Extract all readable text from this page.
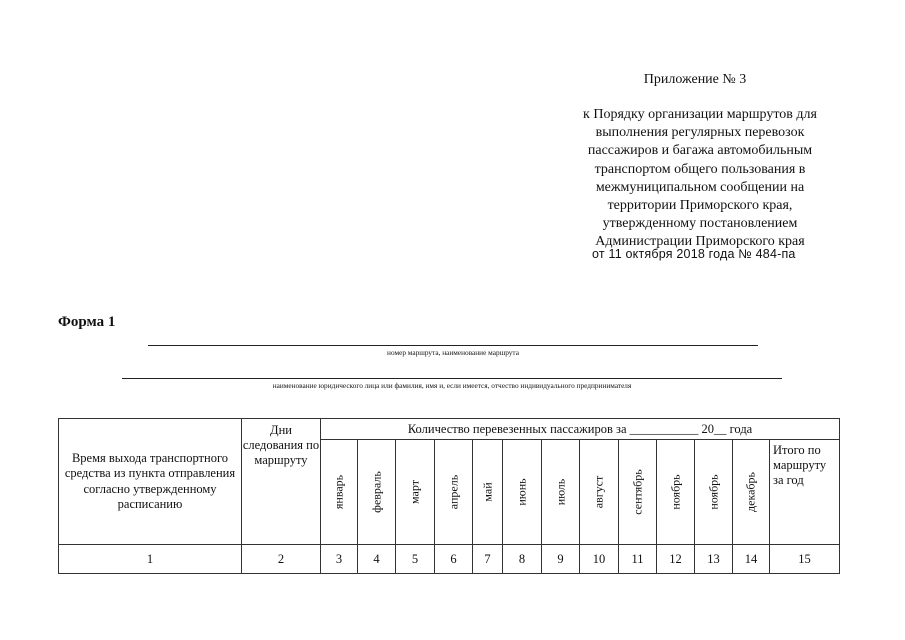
Приложение № 3
к Порядку организации маршрутов для
выполнения регулярных перевозок
пассажиров и багажа автомобильным
транспортом общего пользования в
межмуниципальном сообщении на
территории Приморского края,
утвержденному постановлением
Администрации Приморского края
от 11 октября 2018 года № 484-па
Форма 1
номер маршрута, наименование маршрута
наименование юридического лица или фамилия, имя и, если имеется, отчество индивидуального предпринимателя
Время выхода транспортного средства из пункта отправления согласно утвержденному расписанию	Дни следования по маршруту	Количество перевезенных пассажиров за ___________ 20__ года												

		январь	февраль	март	апрель	май	июнь	июль	август	сентябрь	ноябрь	ноябрь	декабрь	Итого по маршруту за год
1	2	3	4	5	6	7	8	9	10	11	12	13	14	15
